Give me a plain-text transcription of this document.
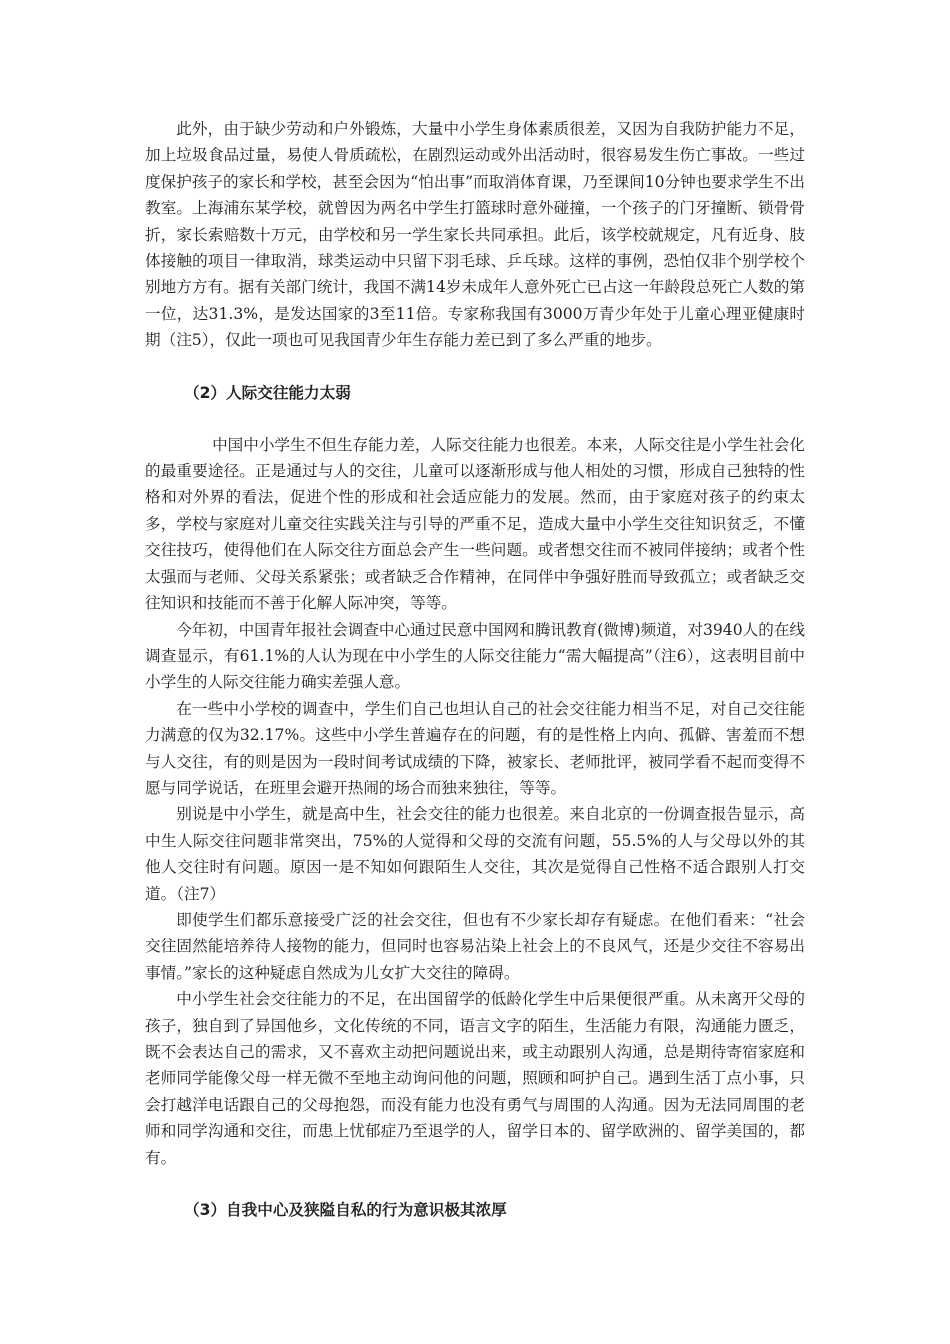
此外，由于缺少劳动和户外锻炼，大量中小学生身体素质很差，又因为自我防护能力不足，加上垃圾食品过量，易使人骨质疏松，在剧烈运动或外出活动时，很容易发生伤亡事故。一些过度保护孩子的家长和学校，甚至会因为“怕出事”而取消体育课，乃至课间10分钟也要求学生不出教室。上海浦东某学校，就曾因为两名中学生打篮球时意外碰撞，一个孩子的门牙撞断、锁骨骨折，家长索赔数十万元，由学校和另一学生家长共同承担。此后，该学校就规定，凡有近身、肢体接触的项目一律取消，球类运动中只留下羽毛球、乒乓球。这样的事例，恐怕仅非个别学校个别地方方有。据有关部门统计，我国不满14岁未成年人意外死亡已占这一年龄段总死亡人数的第一位，达31.3%，是发达国家的3至11倍。专家称我国有3000万青少年处于儿童心理亚健康时期（注5），仅此一项也可见我国青少年生存能力差已到了多么严重的地步。

（2）人际交往能力太弱

中国中小学生不但生存能力差，人际交往能力也很差。本来，人际交往是小学生社会化的最重要途径。正是通过与人的交往，儿童可以逐渐形成与他人相处的习惯，形成自己独特的性格和对外界的看法，促进个性的形成和社会适应能力的发展。然而，由于家庭对孩子的约束太多，学校与家庭对儿童交往实践关注与引导的严重不足，造成大量中小学生交往知识贫乏，不懂交往技巧，使得他们在人际交往方面总会产生一些问题。或者想交往而不被同伴接纳；或者个性太强而与老师、父母关系紧张；或者缺乏合作精神，在同伴中争强好胜而导致孤立；或者缺乏交往知识和技能而不善于化解人际冲突，等等。

今年初，中国青年报社会调查中心通过民意中国网和腾讯教育(微博)频道，对3940人的在线调查显示，有61.1%的人认为现在中小学生的人际交往能力“需大幅提高”（注6），这表明目前中小学生的人际交往能力确实差强人意。

在一些中小学校的调查中，学生们自己也坦认自己的社会交往能力相当不足，对自己交往能力满意的仅为32.17%。这些中小学生普遍存在的问题，有的是性格上内向、孤僻、害羞而不想与人交往，有的则是因为一段时间考试成绩的下降，被家长、老师批评，被同学看不起而变得不愿与同学说话，在班里会避开热闹的场合而独来独往，等等。

别说是中小学生，就是高中生，社会交往的能力也很差。来自北京的一份调查报告显示，高中生人际交往问题非常突出，75%的人觉得和父母的交流有问题，55.5%的人与父母以外的其他人交往时有问题。原因一是不知如何跟陌生人交往，其次是觉得自己性格不适合跟别人打交道。（注7）

即使学生们都乐意接受广泛的社会交往，但也有不少家长却存有疑虑。在他们看来：“社会交往固然能培养待人接物的能力，但同时也容易沾染上社会上的不良风气，还是少交往不容易出事情。”家长的这种疑虑自然成为儿女扩大交往的障碍。

中小学生社会交往能力的不足，在出国留学的低龄化学生中后果便很严重。从未离开父母的孩子，独自到了异国他乡，文化传统的不同，语言文字的陌生，生活能力有限，沟通能力匮乏，既不会表达自己的需求，又不喜欢主动把问题说出来，或主动跟别人沟通，总是期待寄宿家庭和老师同学能像父母一样无微不至地主动询问他的问题，照顾和呵护自己。遇到生活丁点小事，只会打越洋电话跟自己的父母抱怨，而没有能力也没有勇气与周围的人沟通。因为无法同周围的老师和同学沟通和交往，而患上忧郁症乃至退学的人，留学日本的、留学欧洲的、留学美国的，都有。

（3）自我中心及狭隘自私的行为意识极其浓厚
